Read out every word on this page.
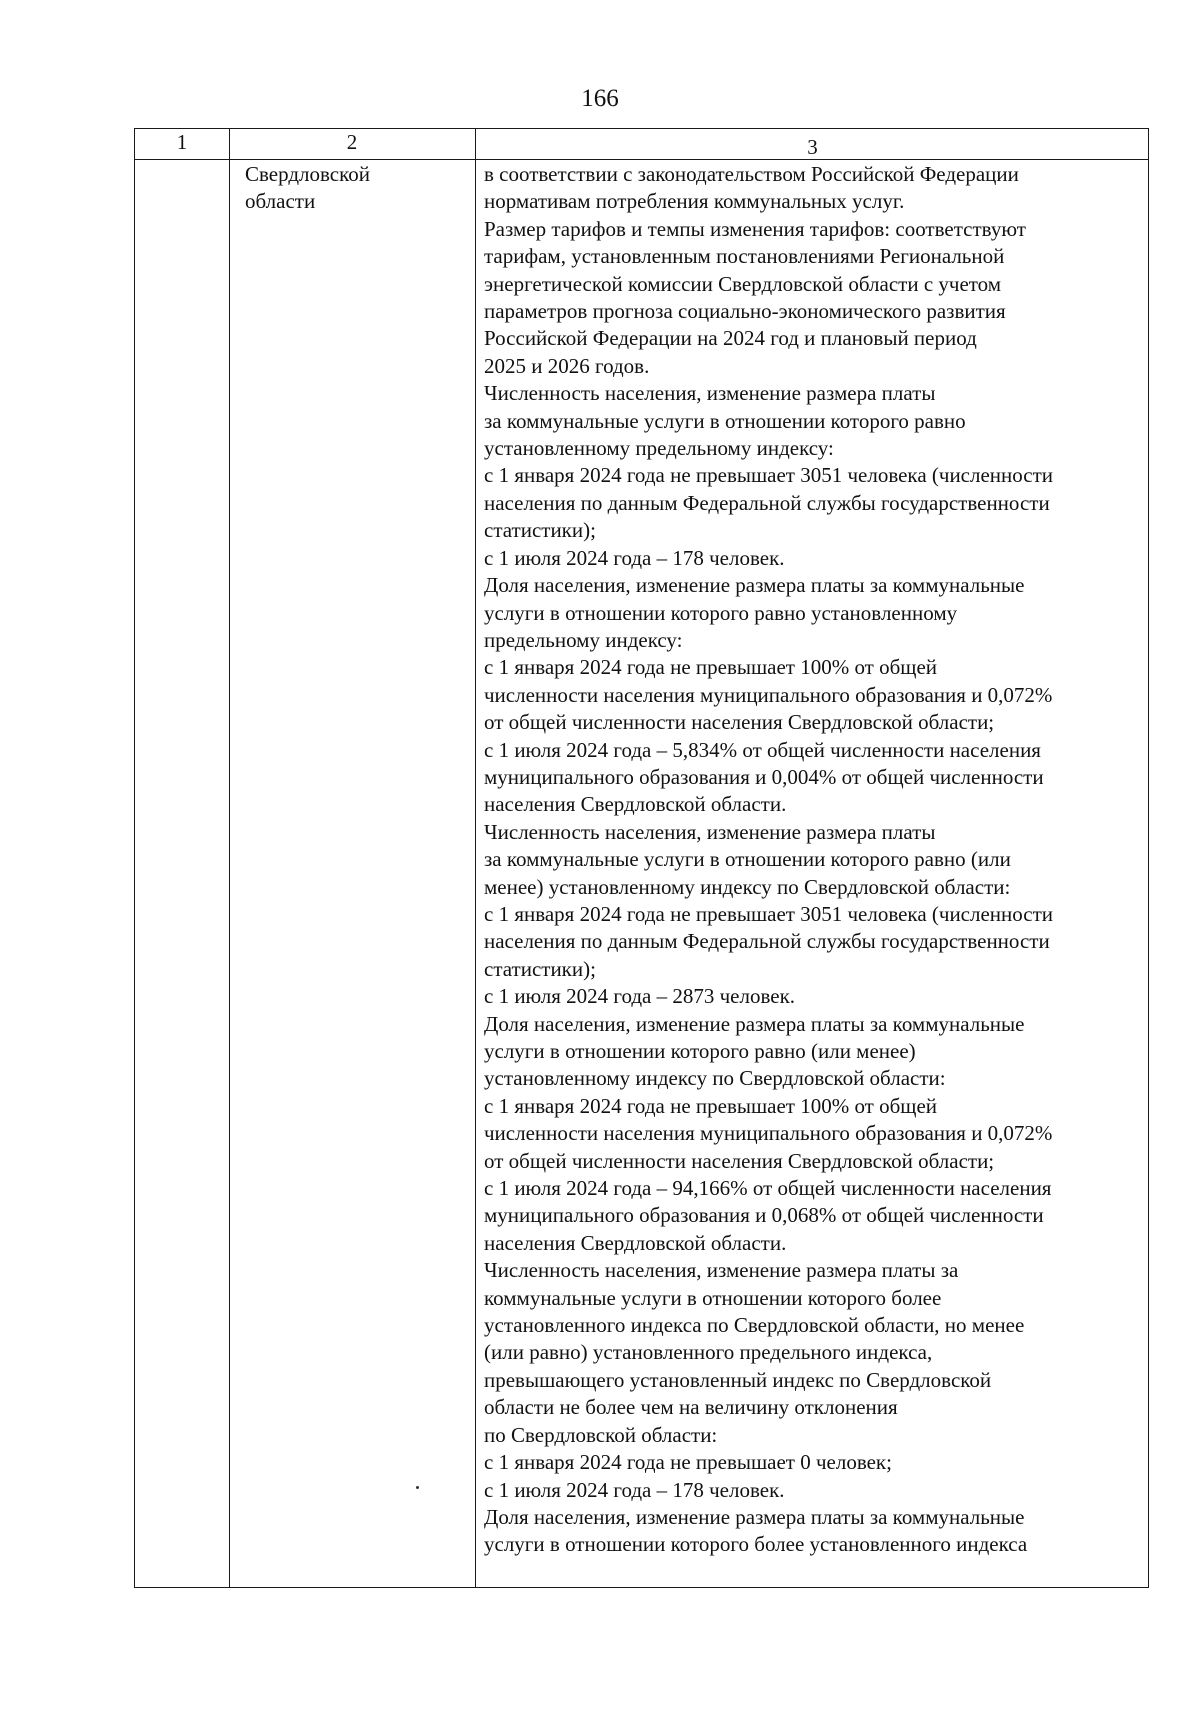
166
1	2	3
Свердловской
области
в соответствии с законодательством Российской Федерации
нормативам потребления коммунальных услуг.
Размер тарифов и темпы изменения тарифов: соответствуют
тарифам, установленным постановлениями Региональной
энергетической комиссии Свердловской области с учетом
параметров прогноза социально-экономического развития
Российской Федерации на 2024 год и плановый период
2025 и 2026 годов.
Численность населения, изменение размера платы
за коммунальные услуги в отношении которого равно
установленному предельному индексу:
с 1 января 2024 года не превышает 3051 человека (численности
населения по данным Федеральной службы государственности
статистики);
с 1 июля 2024 года – 178 человек.
Доля населения, изменение размера платы за коммунальные
услуги в отношении которого равно установленному
предельному индексу:
с 1 января 2024 года не превышает 100% от общей
численности населения муниципального образования и 0,072%
от общей численности населения Свердловской области;
с 1 июля 2024 года – 5,834% от общей численности населения
муниципального образования и 0,004% от общей численности
населения Свердловской области.
Численность населения, изменение размера платы
за коммунальные услуги в отношении которого равно (или
менее) установленному индексу по Свердловской области:
с 1 января 2024 года не превышает 3051 человека (численности
населения по данным Федеральной службы государственности
статистики);
с 1 июля 2024 года – 2873 человек.
Доля населения, изменение размера платы за коммунальные
услуги в отношении которого равно (или менее)
установленному индексу по Свердловской области:
с 1 января 2024 года не превышает 100% от общей
численности населения муниципального образования и 0,072%
от общей численности населения Свердловской области;
с 1 июля 2024 года – 94,166% от общей численности населения
муниципального образования и 0,068% от общей численности
населения Свердловской области.
Численность населения, изменение размера платы за
коммунальные услуги в отношении которого более
установленного индекса по Свердловской области, но менее
(или равно) установленного предельного индекса,
превышающего установленный индекс по Свердловской
области не более чем на величину отклонения
по Свердловской области:
с 1 января 2024 года не превышает 0 человек;
с 1 июля 2024 года – 178 человек.
Доля населения, изменение размера платы за коммунальные
услуги в отношении которого более установленного индекса
